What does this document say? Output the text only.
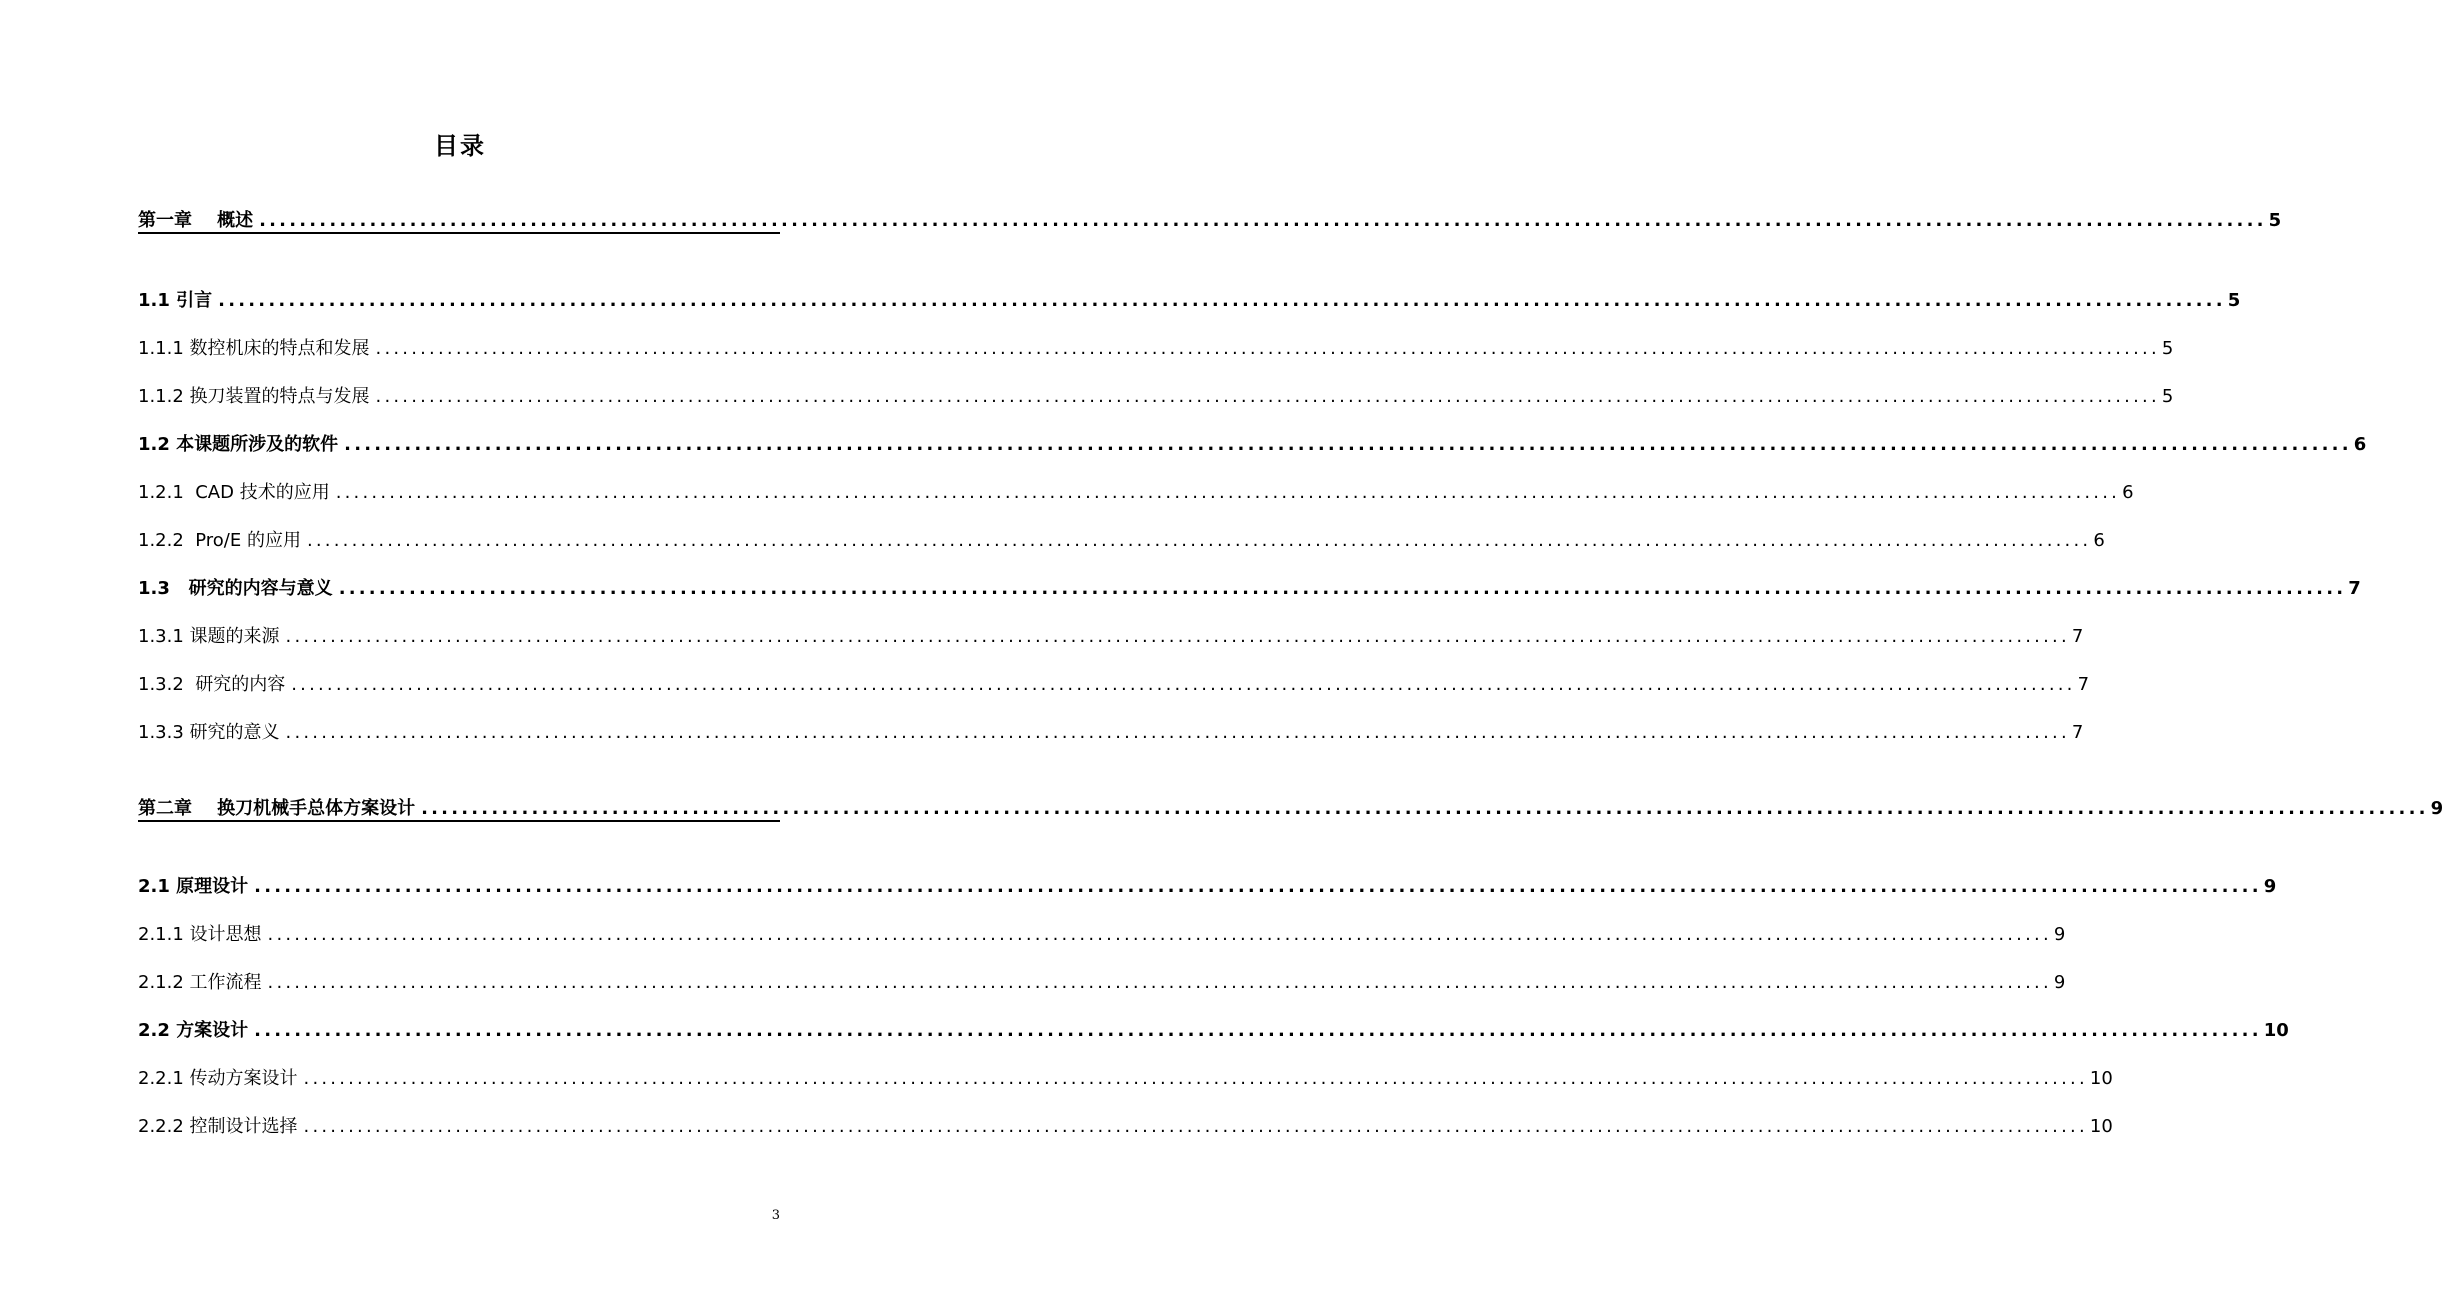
目录
第一章    概述 ........................................................................................................................................................................................................ 5
1.1 引言 ........................................................................................................................................................................................................ 5
1.1.1 数控机床的特点和发展 ........................................................................................................................................................................................................ 5
1.1.2 换刀装置的特点与发展 ........................................................................................................................................................................................................ 5
1.2 本课题所涉及的软件 ........................................................................................................................................................................................................ 6
1.2.1  CAD 技术的应用 ........................................................................................................................................................................................................ 6
1.2.2  Pro/E 的应用 ........................................................................................................................................................................................................ 6
1.3   研究的内容与意义 ........................................................................................................................................................................................................ 7
1.3.1 课题的来源 ........................................................................................................................................................................................................ 7
1.3.2  研究的内容 ........................................................................................................................................................................................................ 7
1.3.3 研究的意义 ........................................................................................................................................................................................................ 7
第二章    换刀机械手总体方案设计 ........................................................................................................................................................................................................ 9
2.1 原理设计 ........................................................................................................................................................................................................ 9
2.1.1 设计思想 ........................................................................................................................................................................................................ 9
2.1.2 工作流程 ........................................................................................................................................................................................................ 9
2.2 方案设计 ........................................................................................................................................................................................................ 10
2.2.1 传动方案设计 ........................................................................................................................................................................................................ 10
2.2.2 控制设计选择 ........................................................................................................................................................................................................ 10
3
